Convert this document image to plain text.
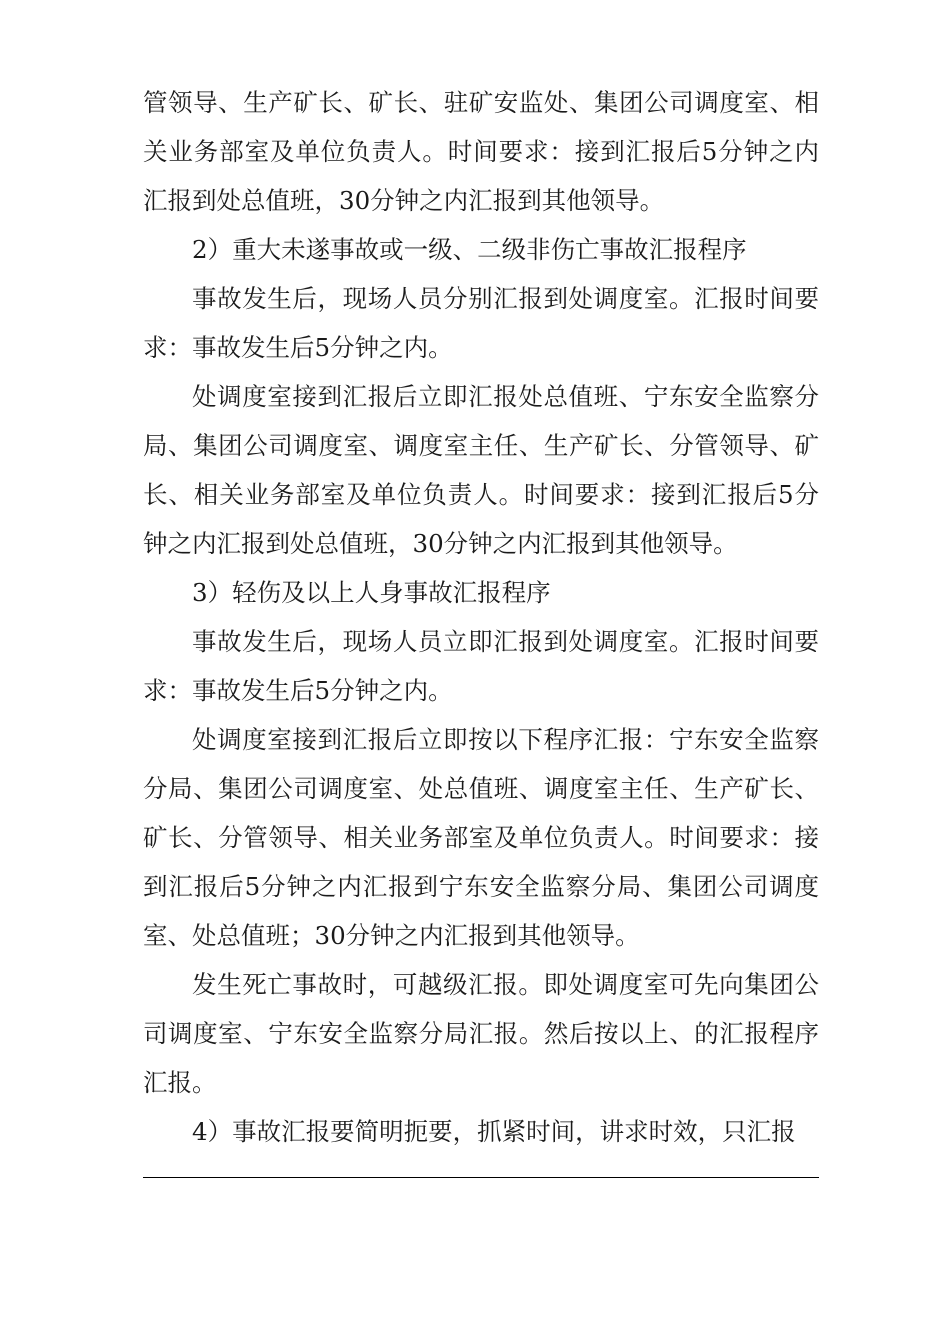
管领导、生产矿长、矿长、驻矿安监处、集团公司调度室、相关业务部室及单位负责人。时间要求：接到汇报后5分钟之内汇报到处总值班，30分钟之内汇报到其他领导。

2）重大未遂事故或一级、二级非伤亡事故汇报程序

事故发生后，现场人员分别汇报到处调度室。汇报时间要求：事故发生后5分钟之内。

处调度室接到汇报后立即汇报处总值班、宁东安全监察分局、集团公司调度室、调度室主任、生产矿长、分管领导、矿长、相关业务部室及单位负责人。时间要求：接到汇报后5分钟之内汇报到处总值班，30分钟之内汇报到其他领导。

3）轻伤及以上人身事故汇报程序

事故发生后，现场人员立即汇报到处调度室。汇报时间要求：事故发生后5分钟之内。

处调度室接到汇报后立即按以下程序汇报：宁东安全监察分局、集团公司调度室、处总值班、调度室主任、生产矿长、矿长、分管领导、相关业务部室及单位负责人。时间要求：接到汇报后5分钟之内汇报到宁东安全监察分局、集团公司调度室、处总值班；30分钟之内汇报到其他领导。

发生死亡事故时，可越级汇报。即处调度室可先向集团公司调度室、宁东安全监察分局汇报。然后按以上、的汇报程序汇报。

4）事故汇报要简明扼要，抓紧时间，讲求时效，只汇报
